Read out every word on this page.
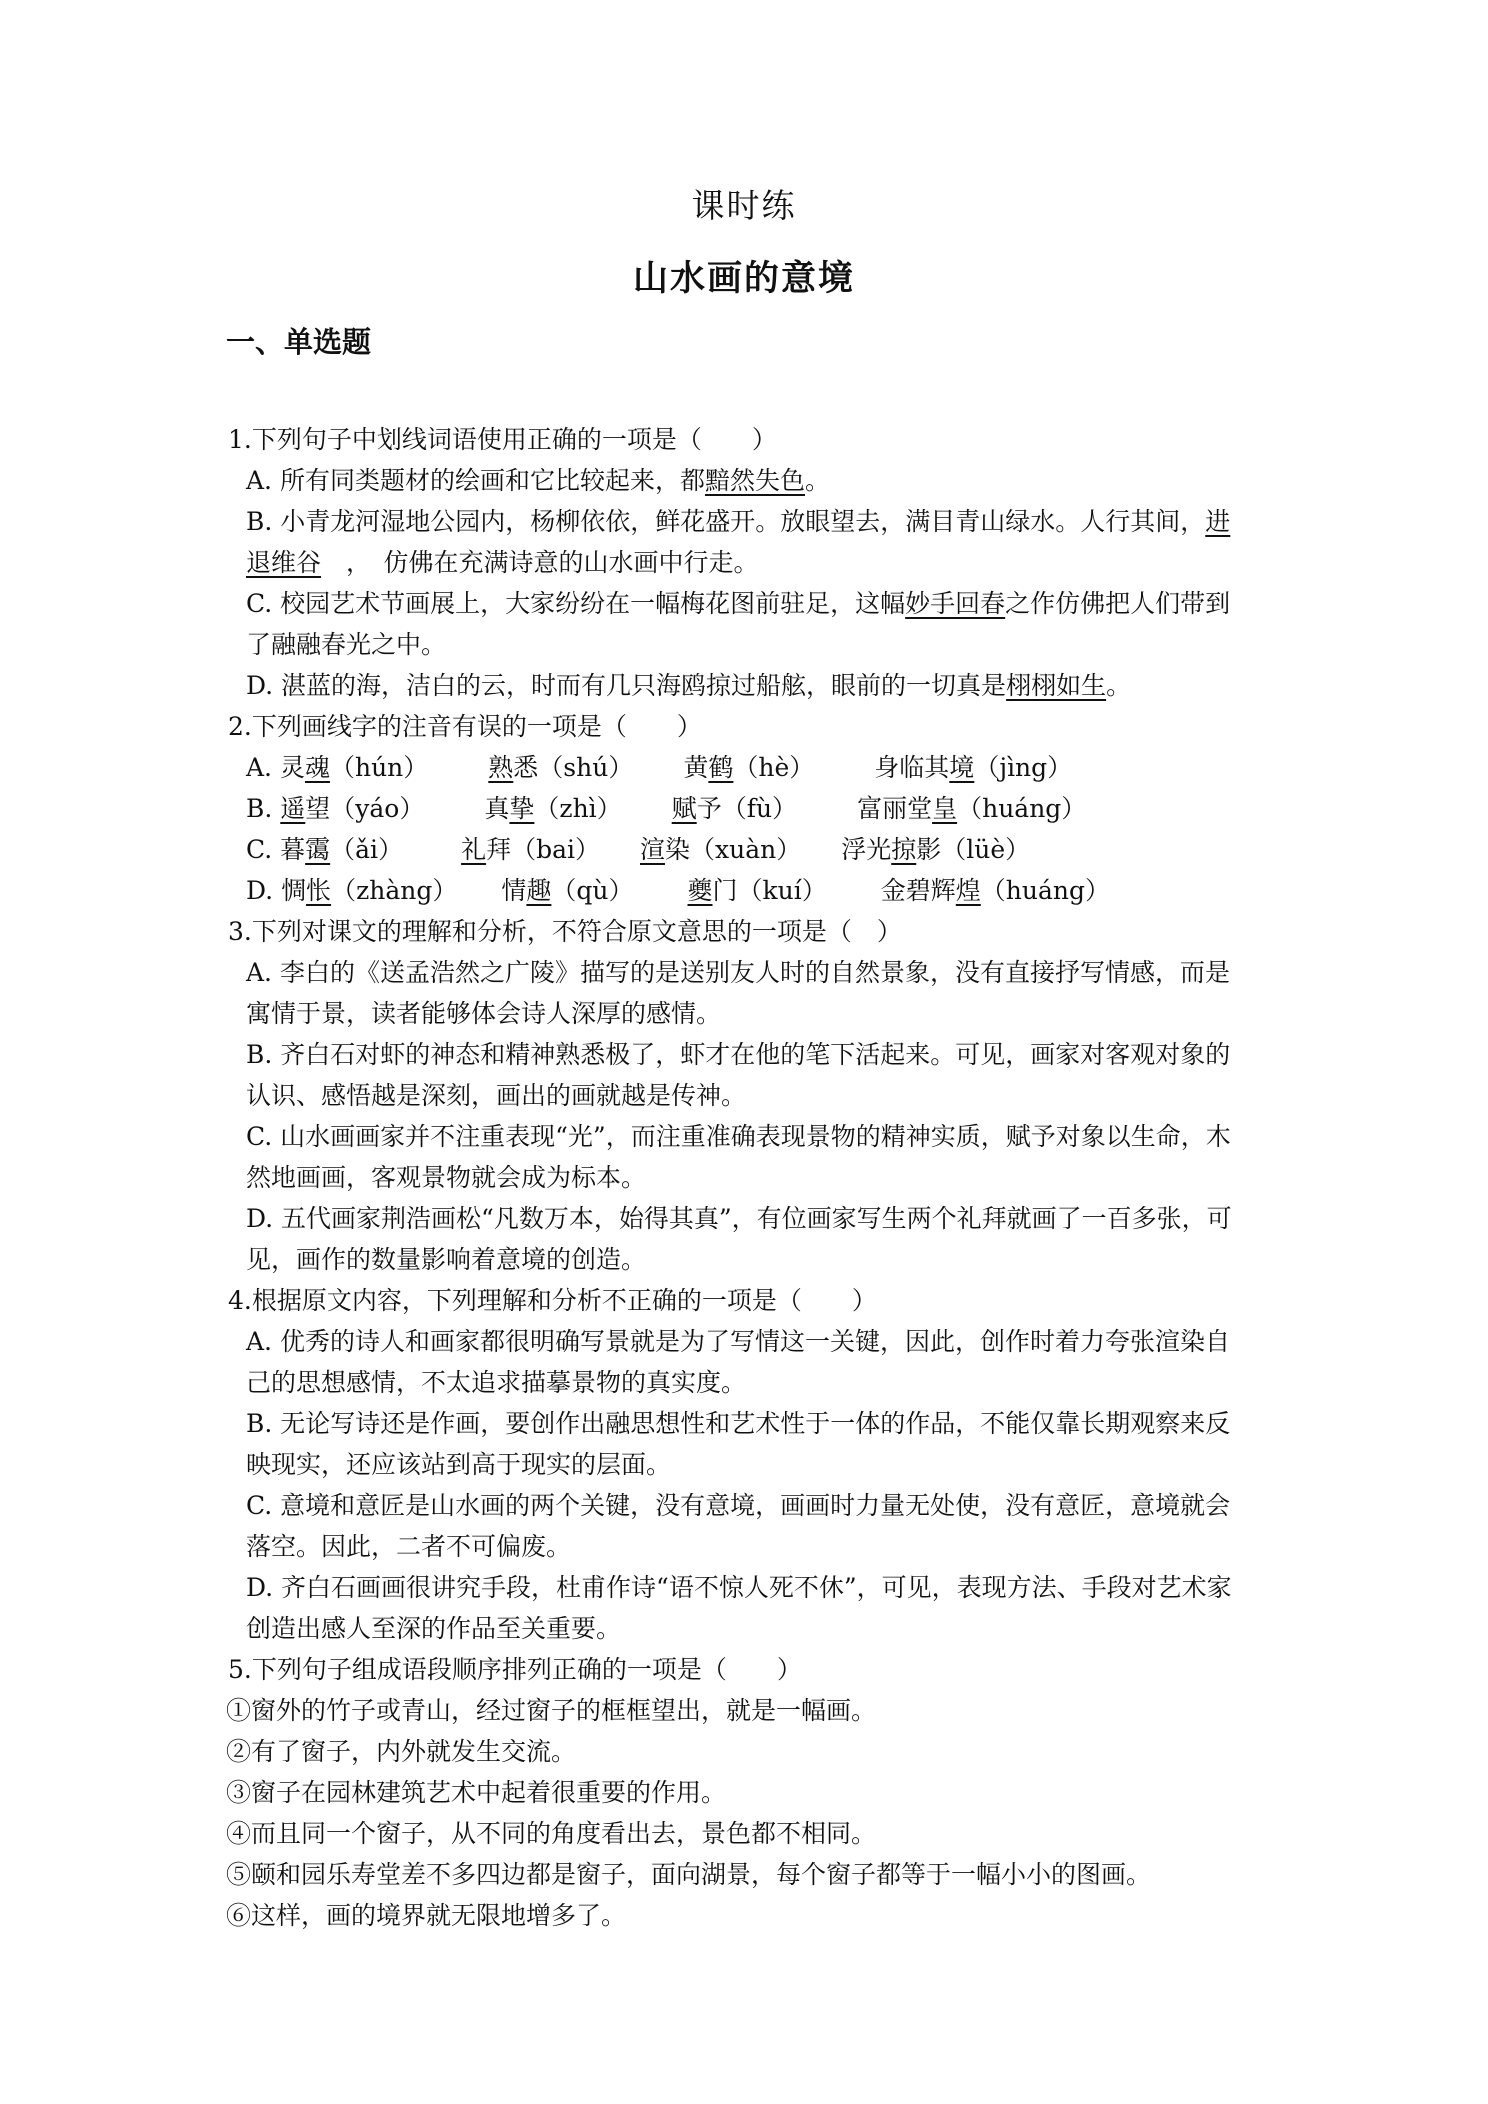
课时练
山水画的意境
一、单选题
1.下列句子中划线词语使用正确的一项是（　　）
A. 所有同类题材的绘画和它比较起来，都黯然失色。
B. 小青龙河湿地公园内，杨柳依依，鲜花盛开。放眼望去，满目青山绿水。人行其间，进
退维谷　，　仿佛在充满诗意的山水画中行走。
C. 校园艺术节画展上，大家纷纷在一幅梅花图前驻足，这幅妙手回春之作仿佛把人们带到
了融融春光之中。
D. 湛蓝的海，洁白的云，时而有几只海鸥掠过船舷，眼前的一切真是栩栩如生。
2.下列画线字的注音有误的一项是（　　）
A. 灵魂（hún） 熟悉（shú） 黄鹤（hè） 身临其境（jìng）
B. 遥望（yáo） 真挚（zhì） 赋予（fù） 富丽堂皇（huáng）
C. 暮霭（ǎi） 礼拜（bai） 渲染（xuàn） 浮光掠影（lüè）
D. 惆怅（zhàng） 情趣（qù） 夔门（kuí） 金碧辉煌（huáng）
3.下列对课文的理解和分析，不符合原文意思的一项是（　）
A. 李白的《送孟浩然之广陵》描写的是送别友人时的自然景象，没有直接抒写情感，而是
寓情于景，读者能够体会诗人深厚的感情。
B. 齐白石对虾的神态和精神熟悉极了，虾才在他的笔下活起来。可见，画家对客观对象的
认识、感悟越是深刻，画出的画就越是传神。
C. 山水画画家并不注重表现“光”，而注重准确表现景物的精神实质，赋予对象以生命，木
然地画画，客观景物就会成为标本。
D. 五代画家荆浩画松“凡数万本，始得其真”，有位画家写生两个礼拜就画了一百多张，可
见，画作的数量影响着意境的创造。
4.根据原文内容，下列理解和分析不正确的一项是（　　）
A. 优秀的诗人和画家都很明确写景就是为了写情这一关键，因此，创作时着力夸张渲染自
己的思想感情，不太追求描摹景物的真实度。
B. 无论写诗还是作画，要创作出融思想性和艺术性于一体的作品，不能仅靠长期观察来反
映现实，还应该站到高于现实的层面。
C. 意境和意匠是山水画的两个关键，没有意境，画画时力量无处使，没有意匠，意境就会
落空。因此，二者不可偏废。
D. 齐白石画画很讲究手段，杜甫作诗“语不惊人死不休”，可见，表现方法、手段对艺术家
创造出感人至深的作品至关重要。
5.下列句子组成语段顺序排列正确的一项是（　　）
①窗外的竹子或青山，经过窗子的框框望出，就是一幅画。
②有了窗子，内外就发生交流。
③窗子在园林建筑艺术中起着很重要的作用。
④而且同一个窗子，从不同的角度看出去，景色都不相同。
⑤颐和园乐寿堂差不多四边都是窗子，面向湖景，每个窗子都等于一幅小小的图画。
⑥这样，画的境界就无限地增多了。
